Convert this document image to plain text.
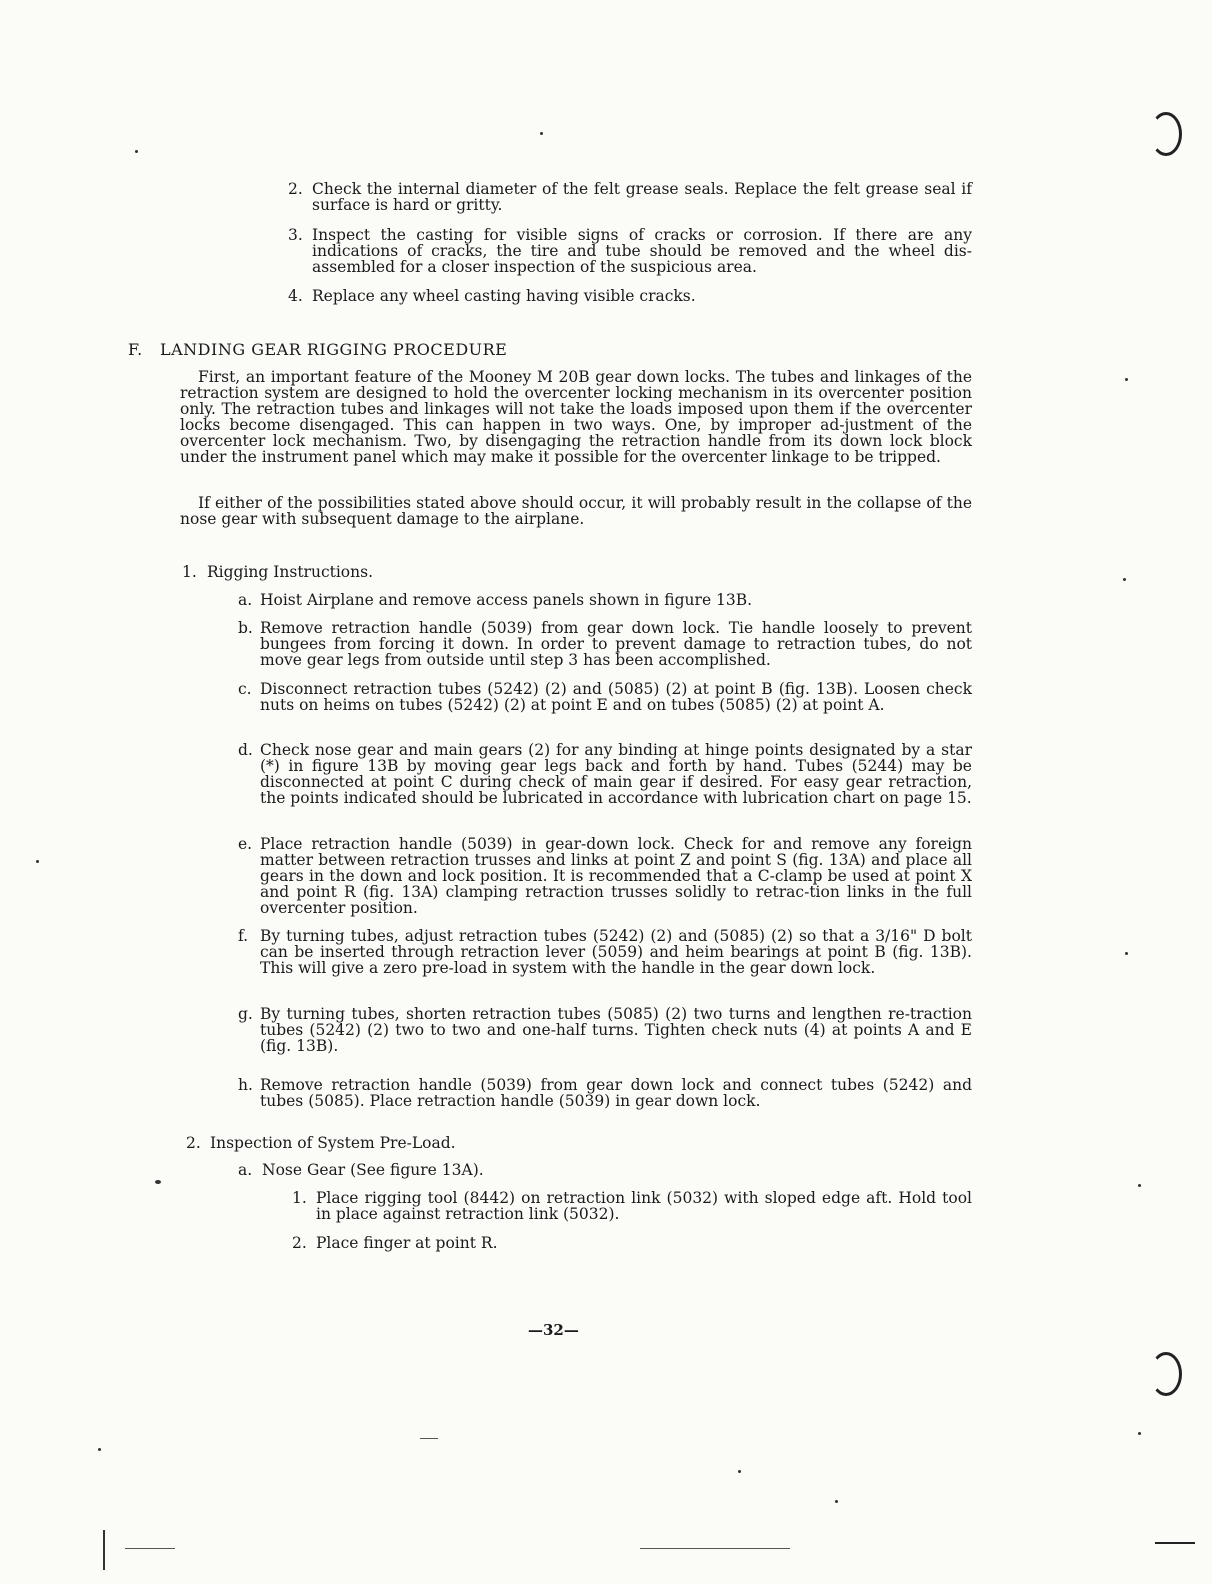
2. Check the internal diameter of the felt grease seals. Replace the felt grease seal if surface is hard or gritty.
3. Inspect the casting for visible signs of cracks or corrosion. If there are any indications of cracks, the tire and tube should be removed and the wheel dis-assembled for a closer inspection of the suspicious area.
4. Replace any wheel casting having visible cracks.
F. LANDING GEAR RIGGING PROCEDURE
First, an important feature of the Mooney M 20B gear down locks. The tubes and linkages of the retraction system are designed to hold the overcenter locking mechanism in its overcenter position only. The retraction tubes and linkages will not take the loads imposed upon them if the overcenter locks become disengaged. This can happen in two ways. One, by improper ad-justment of the overcenter lock mechanism. Two, by disengaging the retraction handle from its down lock block under the instrument panel which may make it possible for the overcenter linkage to be tripped.
If either of the possibilities stated above should occur, it will probably result in the collapse of the nose gear with subsequent damage to the airplane.
1. Rigging Instructions.
a. Hoist Airplane and remove access panels shown in figure 13B.
b. Remove retraction handle (5039) from gear down lock. Tie handle loosely to prevent bungees from forcing it down. In order to prevent damage to retraction tubes, do not move gear legs from outside until step 3 has been accomplished.
c. Disconnect retraction tubes (5242) (2) and (5085) (2) at point B (fig. 13B). Loosen check nuts on heims on tubes (5242) (2) at point E and on tubes (5085) (2) at point A.
d. Check nose gear and main gears (2) for any binding at hinge points designated by a star (*) in figure 13B by moving gear legs back and forth by hand. Tubes (5244) may be disconnected at point C during check of main gear if desired. For easy gear retraction, the points indicated should be lubricated in accordance with lubrication chart on page 15.
e. Place retraction handle (5039) in gear-down lock. Check for and remove any foreign matter between retraction trusses and links at point Z and point S (fig. 13A) and place all gears in the down and lock position. It is recommended that a C-clamp be used at point X and point R (fig. 13A) clamping retraction trusses solidly to retrac-tion links in the full overcenter position.
f. By turning tubes, adjust retraction tubes (5242) (2) and (5085) (2) so that a 3/16" D bolt can be inserted through retraction lever (5059) and heim bearings at point B (fig. 13B). This will give a zero pre-load in system with the handle in the gear down lock.
g. By turning tubes, shorten retraction tubes (5085) (2) two turns and lengthen re-traction tubes (5242) (2) two to two and one-half turns. Tighten check nuts (4) at points A and E (fig. 13B).
h. Remove retraction handle (5039) from gear down lock and connect tubes (5242) and tubes (5085). Place retraction handle (5039) in gear down lock.
2. Inspection of System Pre-Load.
a. Nose Gear (See figure 13A).
1. Place rigging tool (8442) on retraction link (5032) with sloped edge aft. Hold tool in place against retraction link (5032).
2. Place finger at point R.
—32—
